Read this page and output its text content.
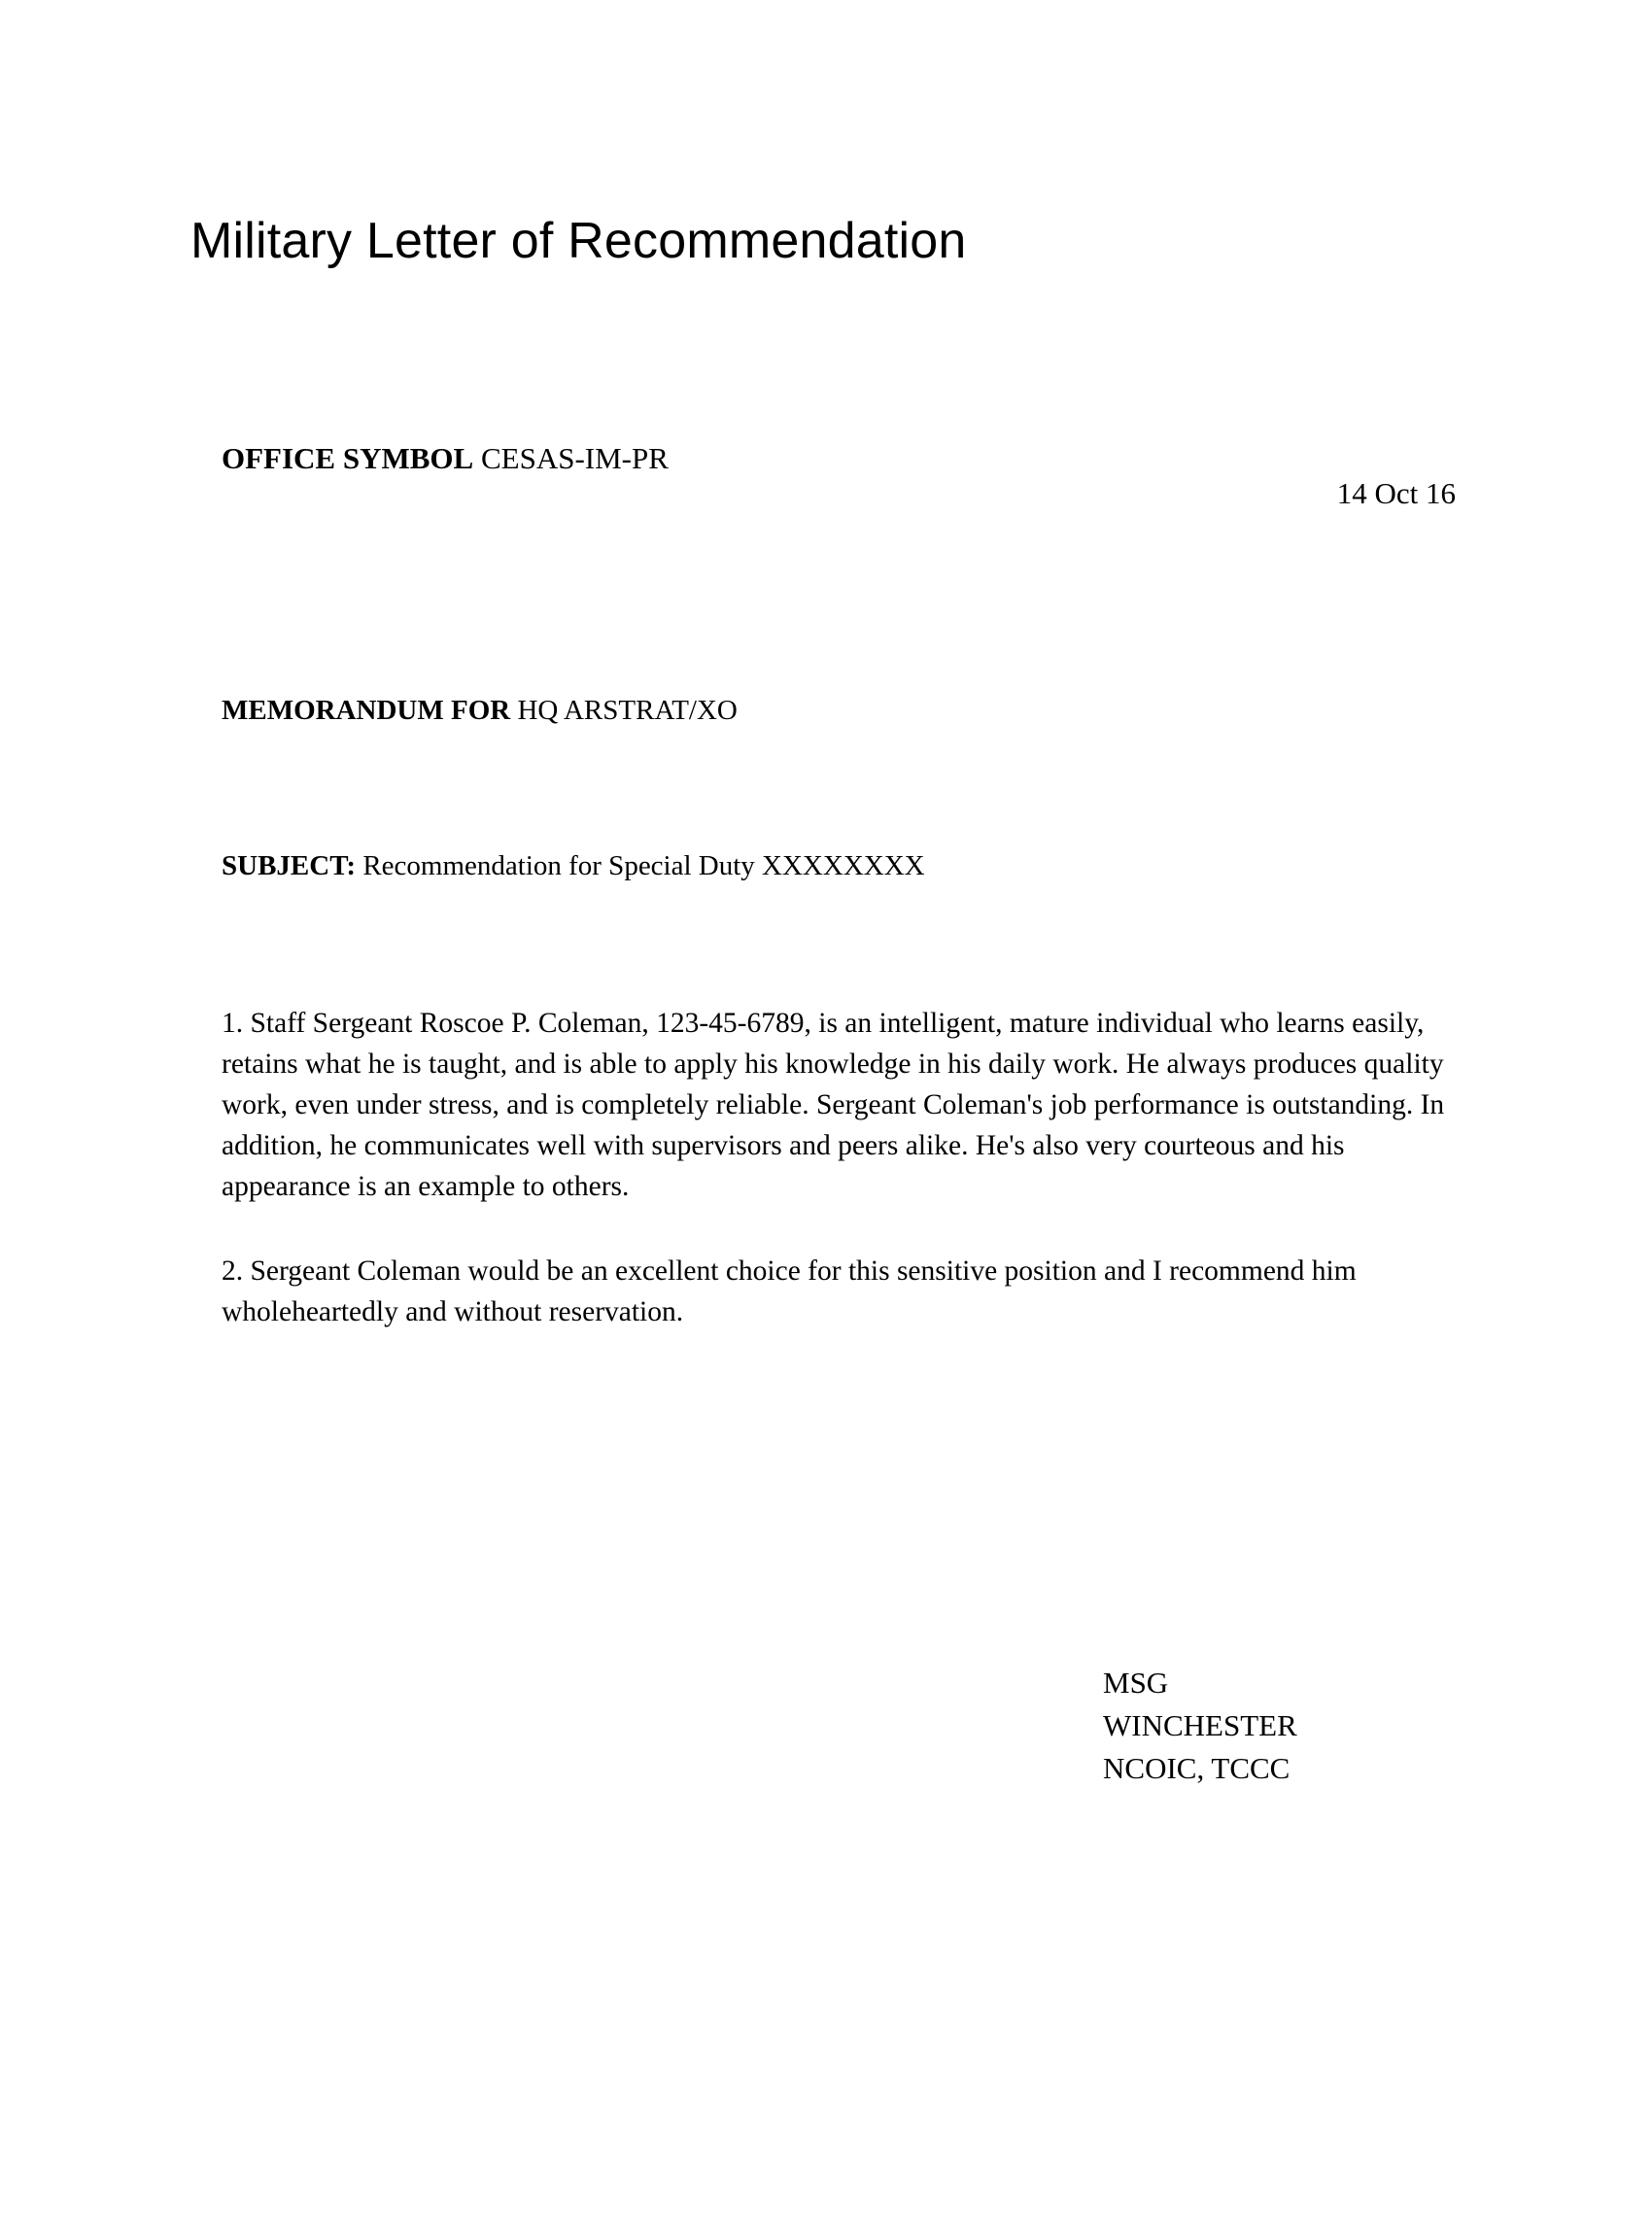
Military Letter of Recommendation
OFFICE SYMBOL CESAS-IM-PR
14 Oct 16
MEMORANDUM FOR HQ ARSTRAT/XO
SUBJECT: Recommendation for Special Duty XXXXXXXX

1. Staff Sergeant Roscoe P. Coleman, 123-45-6789, is an intelligent, mature individual who learns easily, retains what he is taught, and is able to apply his knowledge in his daily work. He always produces quality work, even under stress, and is completely reliable. Sergeant Coleman's job performance is outstanding. In addition, he communicates well with supervisors and peers alike. He's also very courteous and his appearance is an example to others.

2. Sergeant Coleman would be an excellent choice for this sensitive position and I recommend him wholeheartedly and without reservation.

MSG
WINCHESTER
NCOIC, TCCC
